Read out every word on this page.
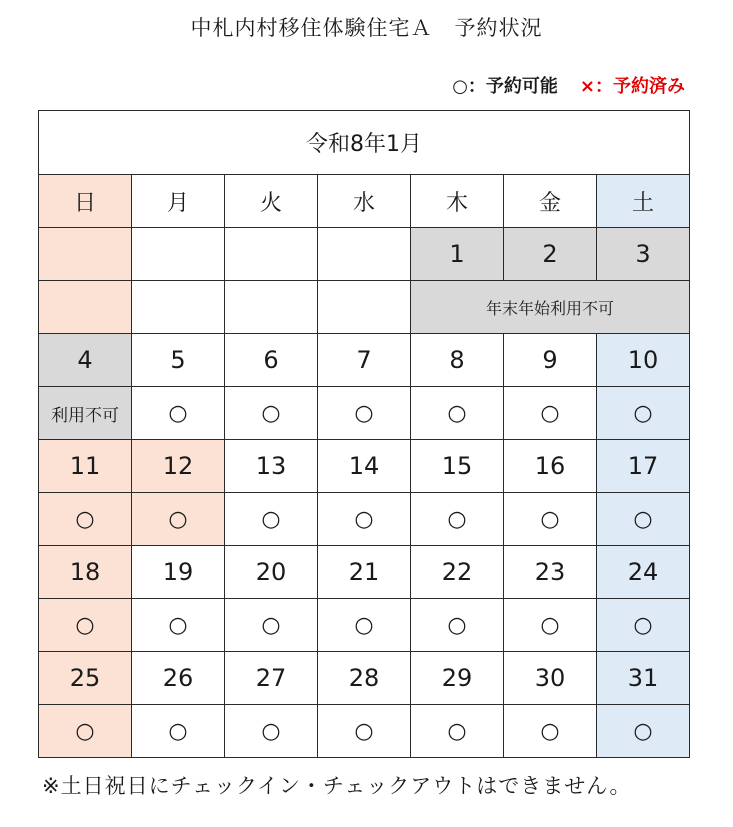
中札内村移住体験住宅Ａ　予約状況
○：予約可能 ×：予約済み
令和8年1月						
日	月	火	水	木	金	土
				1	2	3
				年末年始利用不可		
4	5	6	7	8	9	10
利用不可	○	○	○	○	○	○
11	12	13	14	15	16	17
○	○	○	○	○	○	○
18	19	20	21	22	23	24
○	○	○	○	○	○	○
25	26	27	28	29	30	31
○	○	○	○	○	○	○
※土日祝日にチェックイン・チェックアウトはできません。
